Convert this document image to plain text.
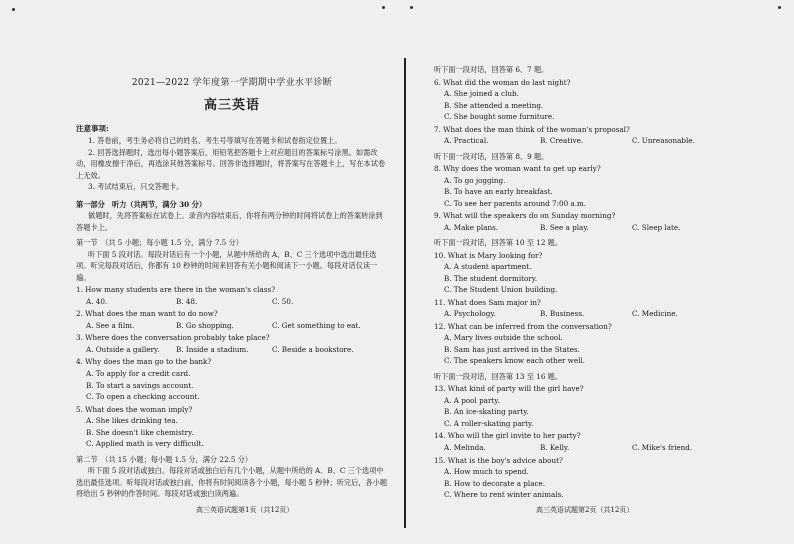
2021—2022 学年度第一学期期中学业水平诊断
高三英语
注意事项:
1. 答卷前，考生务必将自己的姓名、考生号等填写在答题卡和试卷指定位置上。
2. 回答选择题时，选出每小题答案后，用铅笔把答题卡上对应题目的答案标号涂黑。如需改动，用橡皮擦干净后，再选涂其他答案标号。回答非选择题时，将答案写在答题卡上，写在本试卷上无效。
3. 考试结束后，只交答题卡。
第一部分　听力（共两节，满分 30 分）
做题时，先将答案标在试卷上。录音内容结束后，你将有两分钟的时间将试卷上的答案转涂到答题卡上。
第一节　（共 5 小题；每小题 1.5 分，满分 7.5 分）
听下面 5 段对话。每段对话后有一个小题，从题中所给的 A、B、C 三个选项中选出最佳选项。听完每段对话后，你都有 10 秒钟的时间来回答有关小题和阅读下一小题。每段对话仅读一遍。
1. How many students are there in the woman's class?
A. 40.	B. 48.	C. 50.
2. What does the man want to do now?
A. See a film.	B. Go shopping.	C. Get something to eat.
3. Where does the conversation probably take place?
A. Outside a gallery.	B. Inside a stadium.	C. Beside a bookstore.
4. Why does the man go to the bank?
A. To apply for a credit card.
B. To start a savings account.
C. To open a checking account.
5. What does the woman imply?
A. She likes drinking tea.
B. She doesn't like chemistry.
C. Applied math is very difficult.
第二节　（共 15 小题；每小题 1.5 分，满分 22.5 分）
听下面 5 段对话或独白。每段对话或独白后有几个小题，从题中所给的 A、B、C 三个选项中选出最佳选项。听每段对话或独白前，你将有时间阅读各个小题，每小题 5 秒钟；听完后，各小题将给出 5 秒钟的作答时间。每段对话或独白读两遍。
高三英语试题第1页（共12页）
听下面一段对话，回答第 6、7 题。
6. What did the woman do last night?
A. She joined a club.
B. She attended a meeting.
C. She bought some furniture.
7. What does the man think of the woman's proposal?
A. Practical.	B. Creative.	C. Unreasonable.
听下面一段对话，回答第 8、9 题。
8. Why does the woman want to get up early?
A. To go jogging.
B. To have an early breakfast.
C. To see her parents around 7:00 a.m.
9. What will the speakers do on Sunday morning?
A. Make plans.	B. See a play.	C. Sleep late.
听下面一段对话，回答第 10 至 12 题。
10. What is Mary looking for?
A. A student apartment.
B. The student dormitory.
C. The Student Union building.
11. What does Sam major in?
A. Psychology.	B. Business.	C. Medicine.
12. What can be inferred from the conversation?
A. Mary lives outside the school.
B. Sam has just arrived in the States.
C. The speakers know each other well.
听下面一段对话，回答第 13 至 16 题。
13. What kind of party will the girl have?
A. A pool party.
B. An ice-skating party.
C. A roller-skating party.
14. Who will the girl invite to her party?
A. Melinda.	B. Kelly.	C. Mike's friend.
15. What is the boy's advice about?
A. How much to spend.
B. How to decorate a place.
C. Where to rent winter animals.
高三英语试题第2页（共12页）
